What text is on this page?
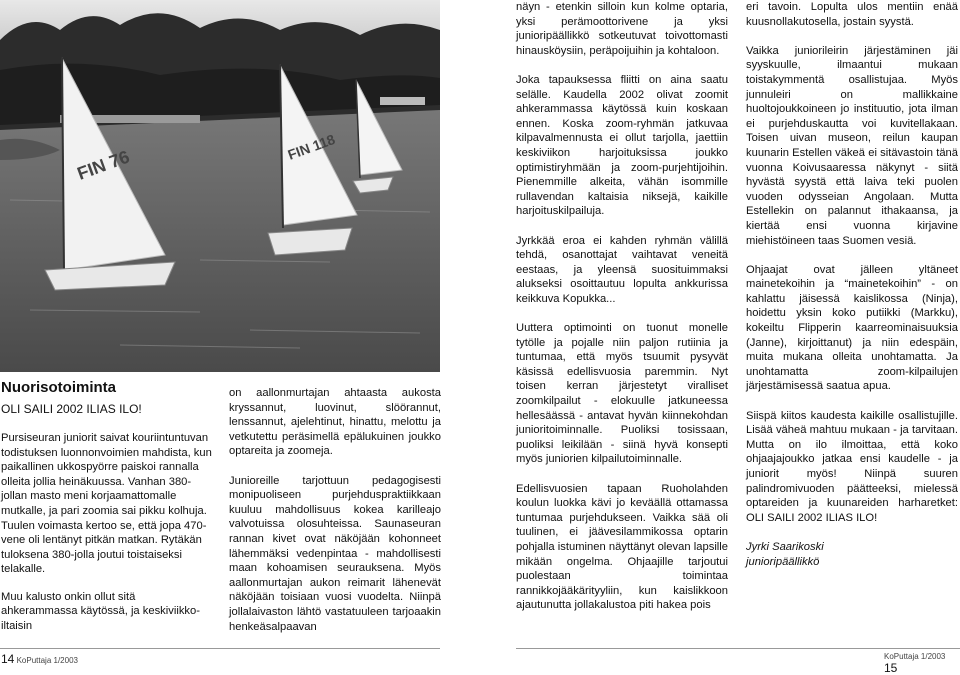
FIN 76	FIN 118
Nuorisotoiminta
OLI SAILI 2002 ILIAS ILO!

Pursiseuran juniorit saivat kouriintuntuvan todistuksen luonnonvoimien mahdista, kun paikallinen ukkospyörre paiskoi rannalla olleita jollia heinäkuussa. Vanhan 380-jollan masto meni korjaamattomalle mutkalle, ja pari zoomia sai pikku kolhuja. Tuulen voimasta kertoo se, että jopa 470-vene oli lentänyt pitkän matkan. Rytäkän tuloksena 380-jolla joutui toistaiseksi telakalle.

Muu kalusto onkin ollut sitä ahkerammassa käytössä, ja keskiviikko-iltaisin

on aallonmurtajan ahtaasta aukosta kryssannut, luovinut, slöörannut, lenssannut, ajelehtinut, hinattu, melottu ja vetkutettu peräsimellä epälukuinen joukko optareita ja zoomeja.

Junioreille tarjottuun pedagogisesti monipuoliseen purjehduspraktiikkaan kuuluu mahdollisuus kokea karilleajo valvotuissa olosuhteissa. Saunaseuran rannan kivet ovat näköjään kohonneet lähemmäksi vedenpintaa - mahdollisesti maan kohoamisen seurauksena. Myös aallonmurtajan aukon reimarit lähenevät näköjään toisiaan vuosi vuodelta. Niinpä jollalaivaston lähtö vastatuuleen tarjoaakin henkeäsalpaavan

näyn - etenkin silloin kun kolme optaria, yksi perämoottorivene ja yksi junioripäällikkö sotkeutuvat toivottomasti hinausköysiin, peräpoijuihin ja kohtaloon.

Joka tapauksessa fliitti on aina saatu selälle. Kaudella 2002 olivat zoomit ahkerammassa käytössä kuin koskaan ennen. Koska zoom-ryhmän jatkuvaa kilpavalmennusta ei ollut tarjolla, jaettiin keskiviikon harjoituksissa joukko optimistiryhmään ja zoom-purjehtijoihin. Pienemmille alkeita, vähän isommille rullavendan kaltaisia niksejä, kaikille harjoituskilpailuja.

Jyrkkää eroa ei kahden ryhmän välillä tehdä, osanottajat vaihtavat veneitä eestaas, ja yleensä suosituimmaksi alukseksi osoittautuu lopulta ankkurissa keikkuva Kopukka...

Uuttera optimointi on tuonut monelle tytölle ja pojalle niin paljon rutiinia ja tuntumaa, että myös tsuumit pysyvät käsissä edellisvuosia paremmin. Nyt toisen kerran järjestetyt viralliset zoomkilpailut - elokuulle jatkuneessa hellesäässä - antavat hyvän kiinnekohdan junioritoiminnalle. Puoliksi tosissaan, puoliksi leikilään - siinä hyvä konsepti myös juniorien kilpailutoiminnalle.

Edellisvuosien tapaan Ruoholahden koulun luokka kävi jo keväällä ottamassa tuntumaa purjehdukseen. Vaikka sää oli tuulinen, ei jäävesilammikossa optarin pohjalla istuminen näyttänyt olevan lapsille mikään ongelma. Ohjaajille tarjoutui puolestaan toimintaa rannikkojääkärityyliin, kun kaislikkoon ajautunutta jollakalustoa piti hakea pois

eri tavoin. Lopulta ulos mentiin enää kuusnollakutosella, jostain syystä.

Vaikka juniorileirin järjestäminen jäi syyskuulle, ilmaantui mukaan toistakymmentä osallistujaa. Myös junnuleiri on mallikkaine huoltojoukkoineen jo instituutio, jota ilman ei purjehduskautta voi kuvitellakaan. Toisen uivan museon, reilun kaupan kuunarin Estellen väkeä ei sitävastoin tänä vuonna Koivusaaressa näkynyt - siitä hyvästä syystä että laiva teki puolen vuoden odysseian Angolaan. Mutta Estellekin on palannut ithakaansa, ja kiertää ensi vuonna kirjavine miehistöineen taas Suomen vesiä.

Ohjaajat ovat jälleen yltäneet mainetekoihin ja “mainetekoihin” - on kahlattu jäisessä kaislikossa (Ninja), hoidettu yksin koko putiikki (Markku), kokeiltu Flipperin kaarreominaisuuksia (Janne), kirjoittanut) ja niin edespäin, muita mukana olleita unohtamatta. Ja unohtamatta zoom-kilpailujen järjestämisessä saatua apua.

Siispä kiitos kaudesta kaikille osallistujille. Lisää väheä mahtuu mukaan - ja tarvitaan. Mutta on ilo ilmoittaa, että koko ohjaajajoukko jatkaa ensi kaudelle - ja juniorit myös! Niinpä suuren palindromivuoden päätteeksi, mielessä optareiden ja kuunareiden harharetket: OLI SAILI 2002 ILIAS ILO!

Jyrki Saarikoski
junioripäällikkö

14 KoPuttaja 1/2003	KoPuttaja 1/2003 15
